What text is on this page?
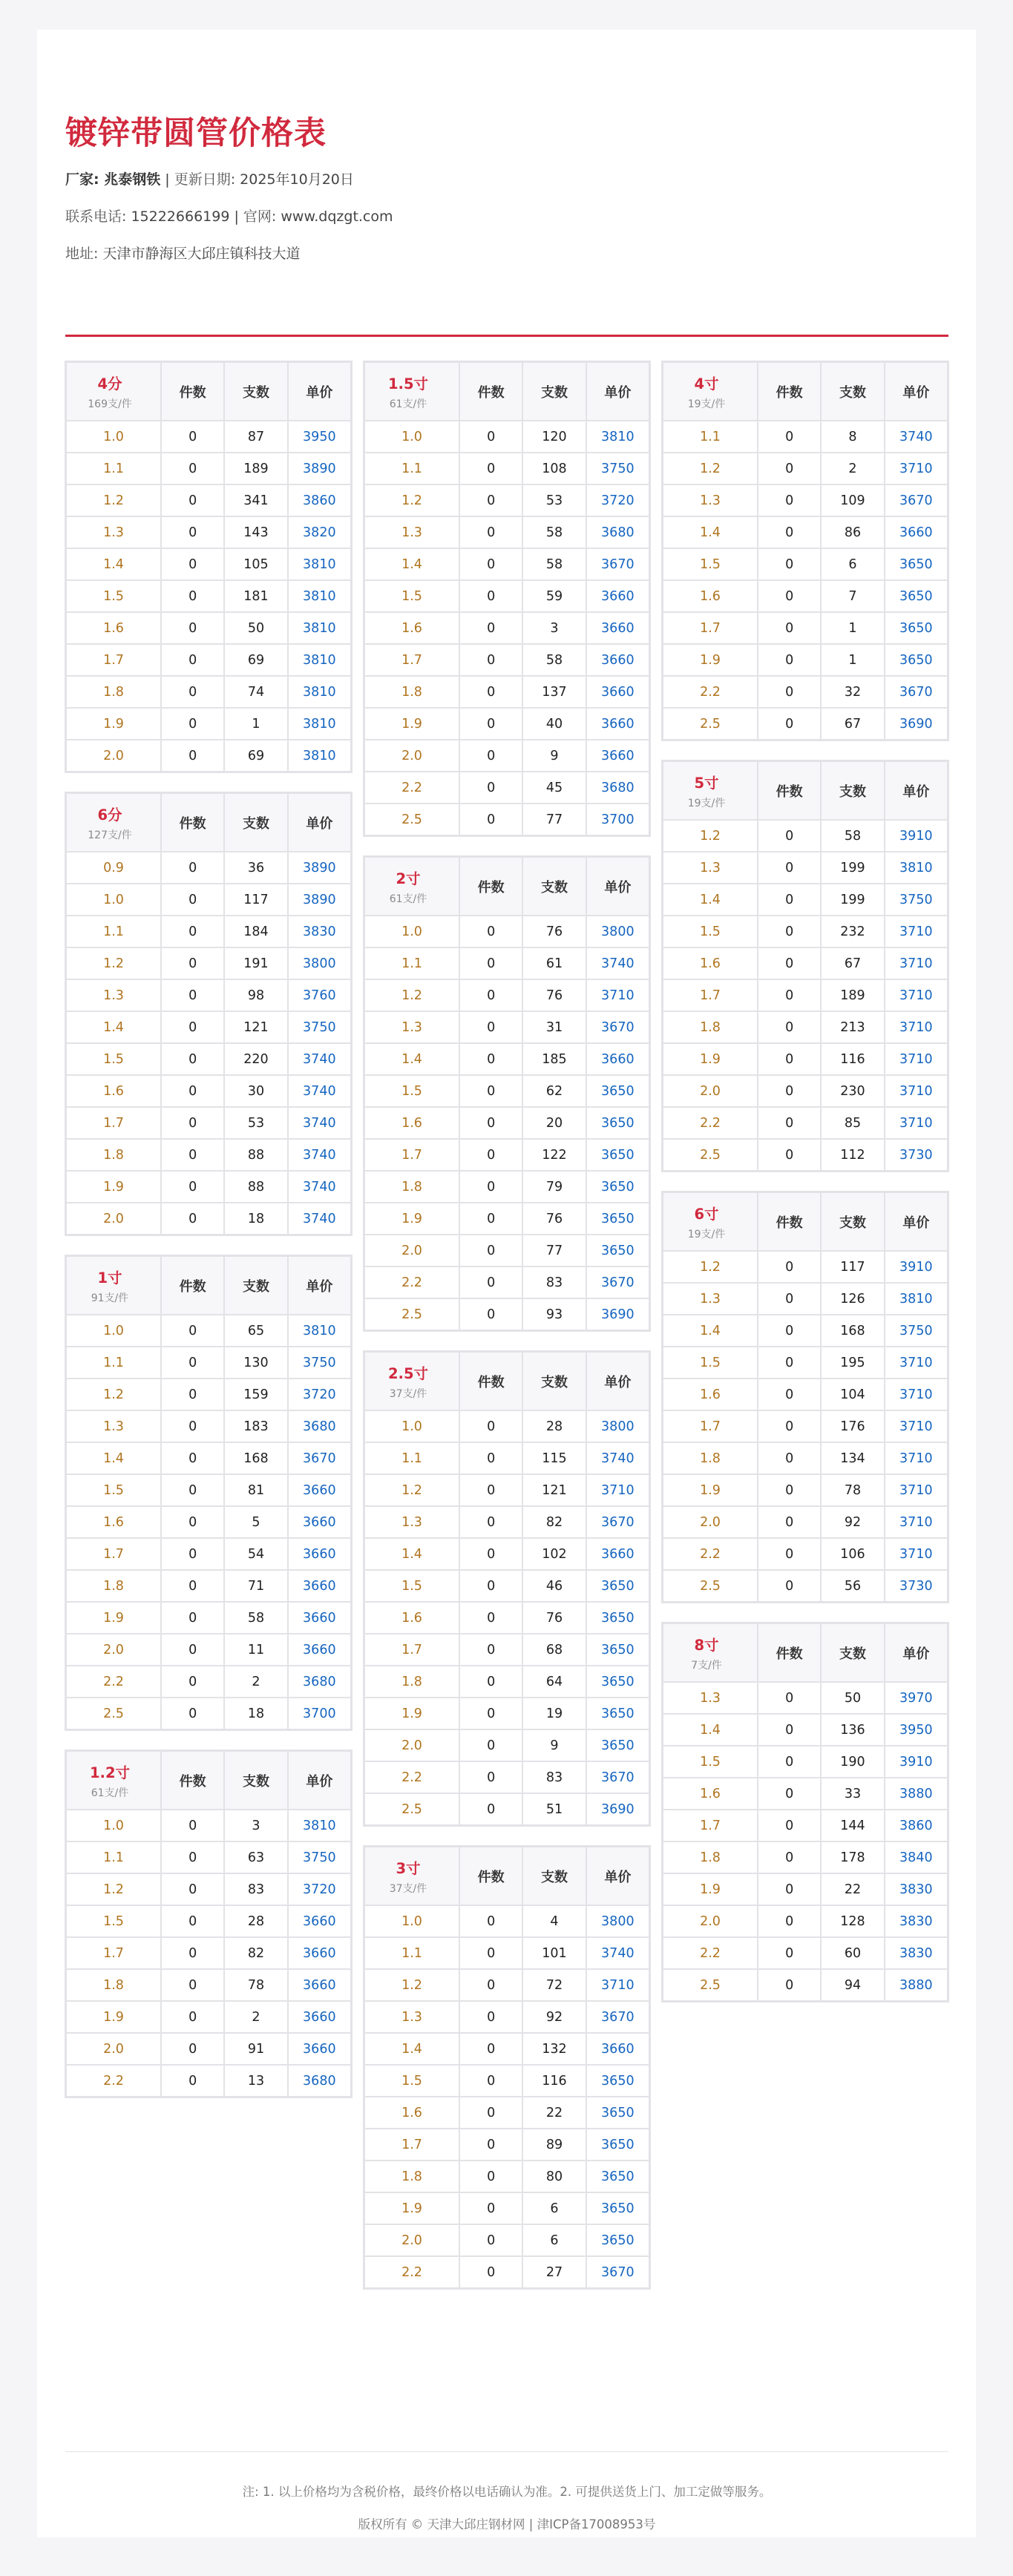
镀锌带圆管价格表
厂家: 兆泰钢铁 | 更新日期: 2025年10月20日
联系电话: 15222666199 | 官网: www.dqzgt.com
地址: 天津市静海区大邱庄镇科技大道
4分
169支/件	件数	支数	单价
1.0	0	87	3950
1.1	0	189	3890
1.2	0	341	3860
1.3	0	143	3820
1.4	0	105	3810
1.5	0	181	3810
1.6	0	50	3810
1.7	0	69	3810
1.8	0	74	3810
1.9	0	1	3810
2.0	0	69	3810
6分
127支/件	件数	支数	单价
0.9	0	36	3890
1.0	0	117	3890
1.1	0	184	3830
1.2	0	191	3800
1.3	0	98	3760
1.4	0	121	3750
1.5	0	220	3740
1.6	0	30	3740
1.7	0	53	3740
1.8	0	88	3740
1.9	0	88	3740
2.0	0	18	3740
1寸
91支/件	件数	支数	单价
1.0	0	65	3810
1.1	0	130	3750
1.2	0	159	3720
1.3	0	183	3680
1.4	0	168	3670
1.5	0	81	3660
1.6	0	5	3660
1.7	0	54	3660
1.8	0	71	3660
1.9	0	58	3660
2.0	0	11	3660
2.2	0	2	3680
2.5	0	18	3700
1.2寸
61支/件	件数	支数	单价
1.0	0	3	3810
1.1	0	63	3750
1.2	0	83	3720
1.5	0	28	3660
1.7	0	82	3660
1.8	0	78	3660
1.9	0	2	3660
2.0	0	91	3660
2.2	0	13	3680
1.5寸
61支/件	件数	支数	单价
1.0	0	120	3810
1.1	0	108	3750
1.2	0	53	3720
1.3	0	58	3680
1.4	0	58	3670
1.5	0	59	3660
1.6	0	3	3660
1.7	0	58	3660
1.8	0	137	3660
1.9	0	40	3660
2.0	0	9	3660
2.2	0	45	3680
2.5	0	77	3700
2寸
61支/件	件数	支数	单价
1.0	0	76	3800
1.1	0	61	3740
1.2	0	76	3710
1.3	0	31	3670
1.4	0	185	3660
1.5	0	62	3650
1.6	0	20	3650
1.7	0	122	3650
1.8	0	79	3650
1.9	0	76	3650
2.0	0	77	3650
2.2	0	83	3670
2.5	0	93	3690
2.5寸
37支/件	件数	支数	单价
1.0	0	28	3800
1.1	0	115	3740
1.2	0	121	3710
1.3	0	82	3670
1.4	0	102	3660
1.5	0	46	3650
1.6	0	76	3650
1.7	0	68	3650
1.8	0	64	3650
1.9	0	19	3650
2.0	0	9	3650
2.2	0	83	3670
2.5	0	51	3690
3寸
37支/件	件数	支数	单价
1.0	0	4	3800
1.1	0	101	3740
1.2	0	72	3710
1.3	0	92	3670
1.4	0	132	3660
1.5	0	116	3650
1.6	0	22	3650
1.7	0	89	3650
1.8	0	80	3650
1.9	0	6	3650
2.0	0	6	3650
2.2	0	27	3670
4寸
19支/件	件数	支数	单价
1.1	0	8	3740
1.2	0	2	3710
1.3	0	109	3670
1.4	0	86	3660
1.5	0	6	3650
1.6	0	7	3650
1.7	0	1	3650
1.9	0	1	3650
2.2	0	32	3670
2.5	0	67	3690
5寸
19支/件	件数	支数	单价
1.2	0	58	3910
1.3	0	199	3810
1.4	0	199	3750
1.5	0	232	3710
1.6	0	67	3710
1.7	0	189	3710
1.8	0	213	3710
1.9	0	116	3710
2.0	0	230	3710
2.2	0	85	3710
2.5	0	112	3730
6寸
19支/件	件数	支数	单价
1.2	0	117	3910
1.3	0	126	3810
1.4	0	168	3750
1.5	0	195	3710
1.6	0	104	3710
1.7	0	176	3710
1.8	0	134	3710
1.9	0	78	3710
2.0	0	92	3710
2.2	0	106	3710
2.5	0	56	3730
8寸
7支/件	件数	支数	单价
1.3	0	50	3970
1.4	0	136	3950
1.5	0	190	3910
1.6	0	33	3880
1.7	0	144	3860
1.8	0	178	3840
1.9	0	22	3830
2.0	0	128	3830
2.2	0	60	3830
2.5	0	94	3880
注: 1. 以上价格均为含税价格，最终价格以电话确认为准。2. 可提供送货上门、加工定做等服务。
版权所有 © 天津大邱庄钢材网 | 津ICP备17008953号
